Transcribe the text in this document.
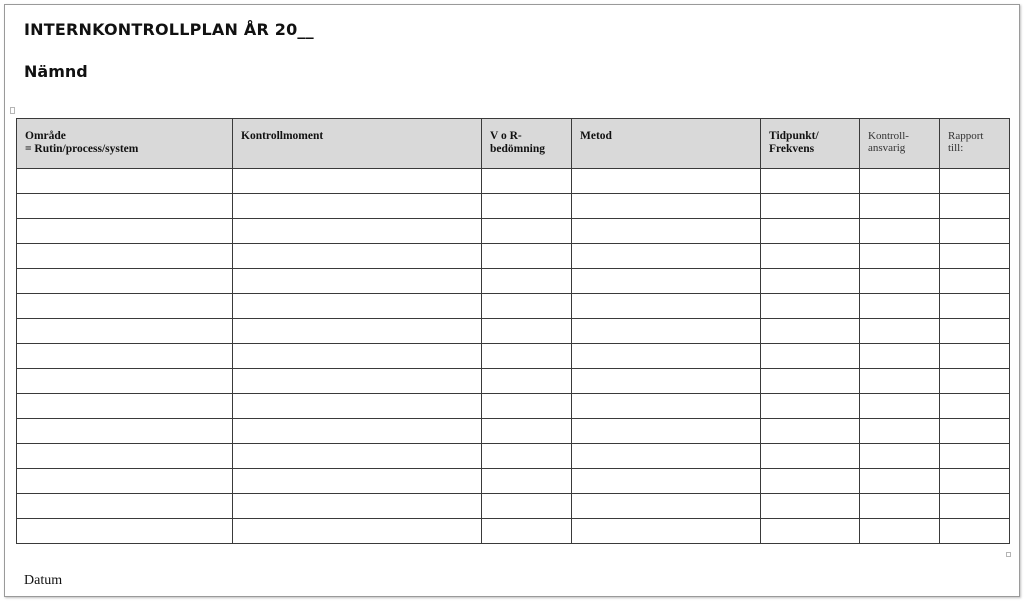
INTERNKONTROLLPLAN ÅR 20__
Nämnd
Område
= Rutin/process/system	Kontrollmoment	V o R-
bedömning	Metod	Tidpunkt/
Frekvens	Kontroll-
ansvarig	Rapport
till:

Datum
